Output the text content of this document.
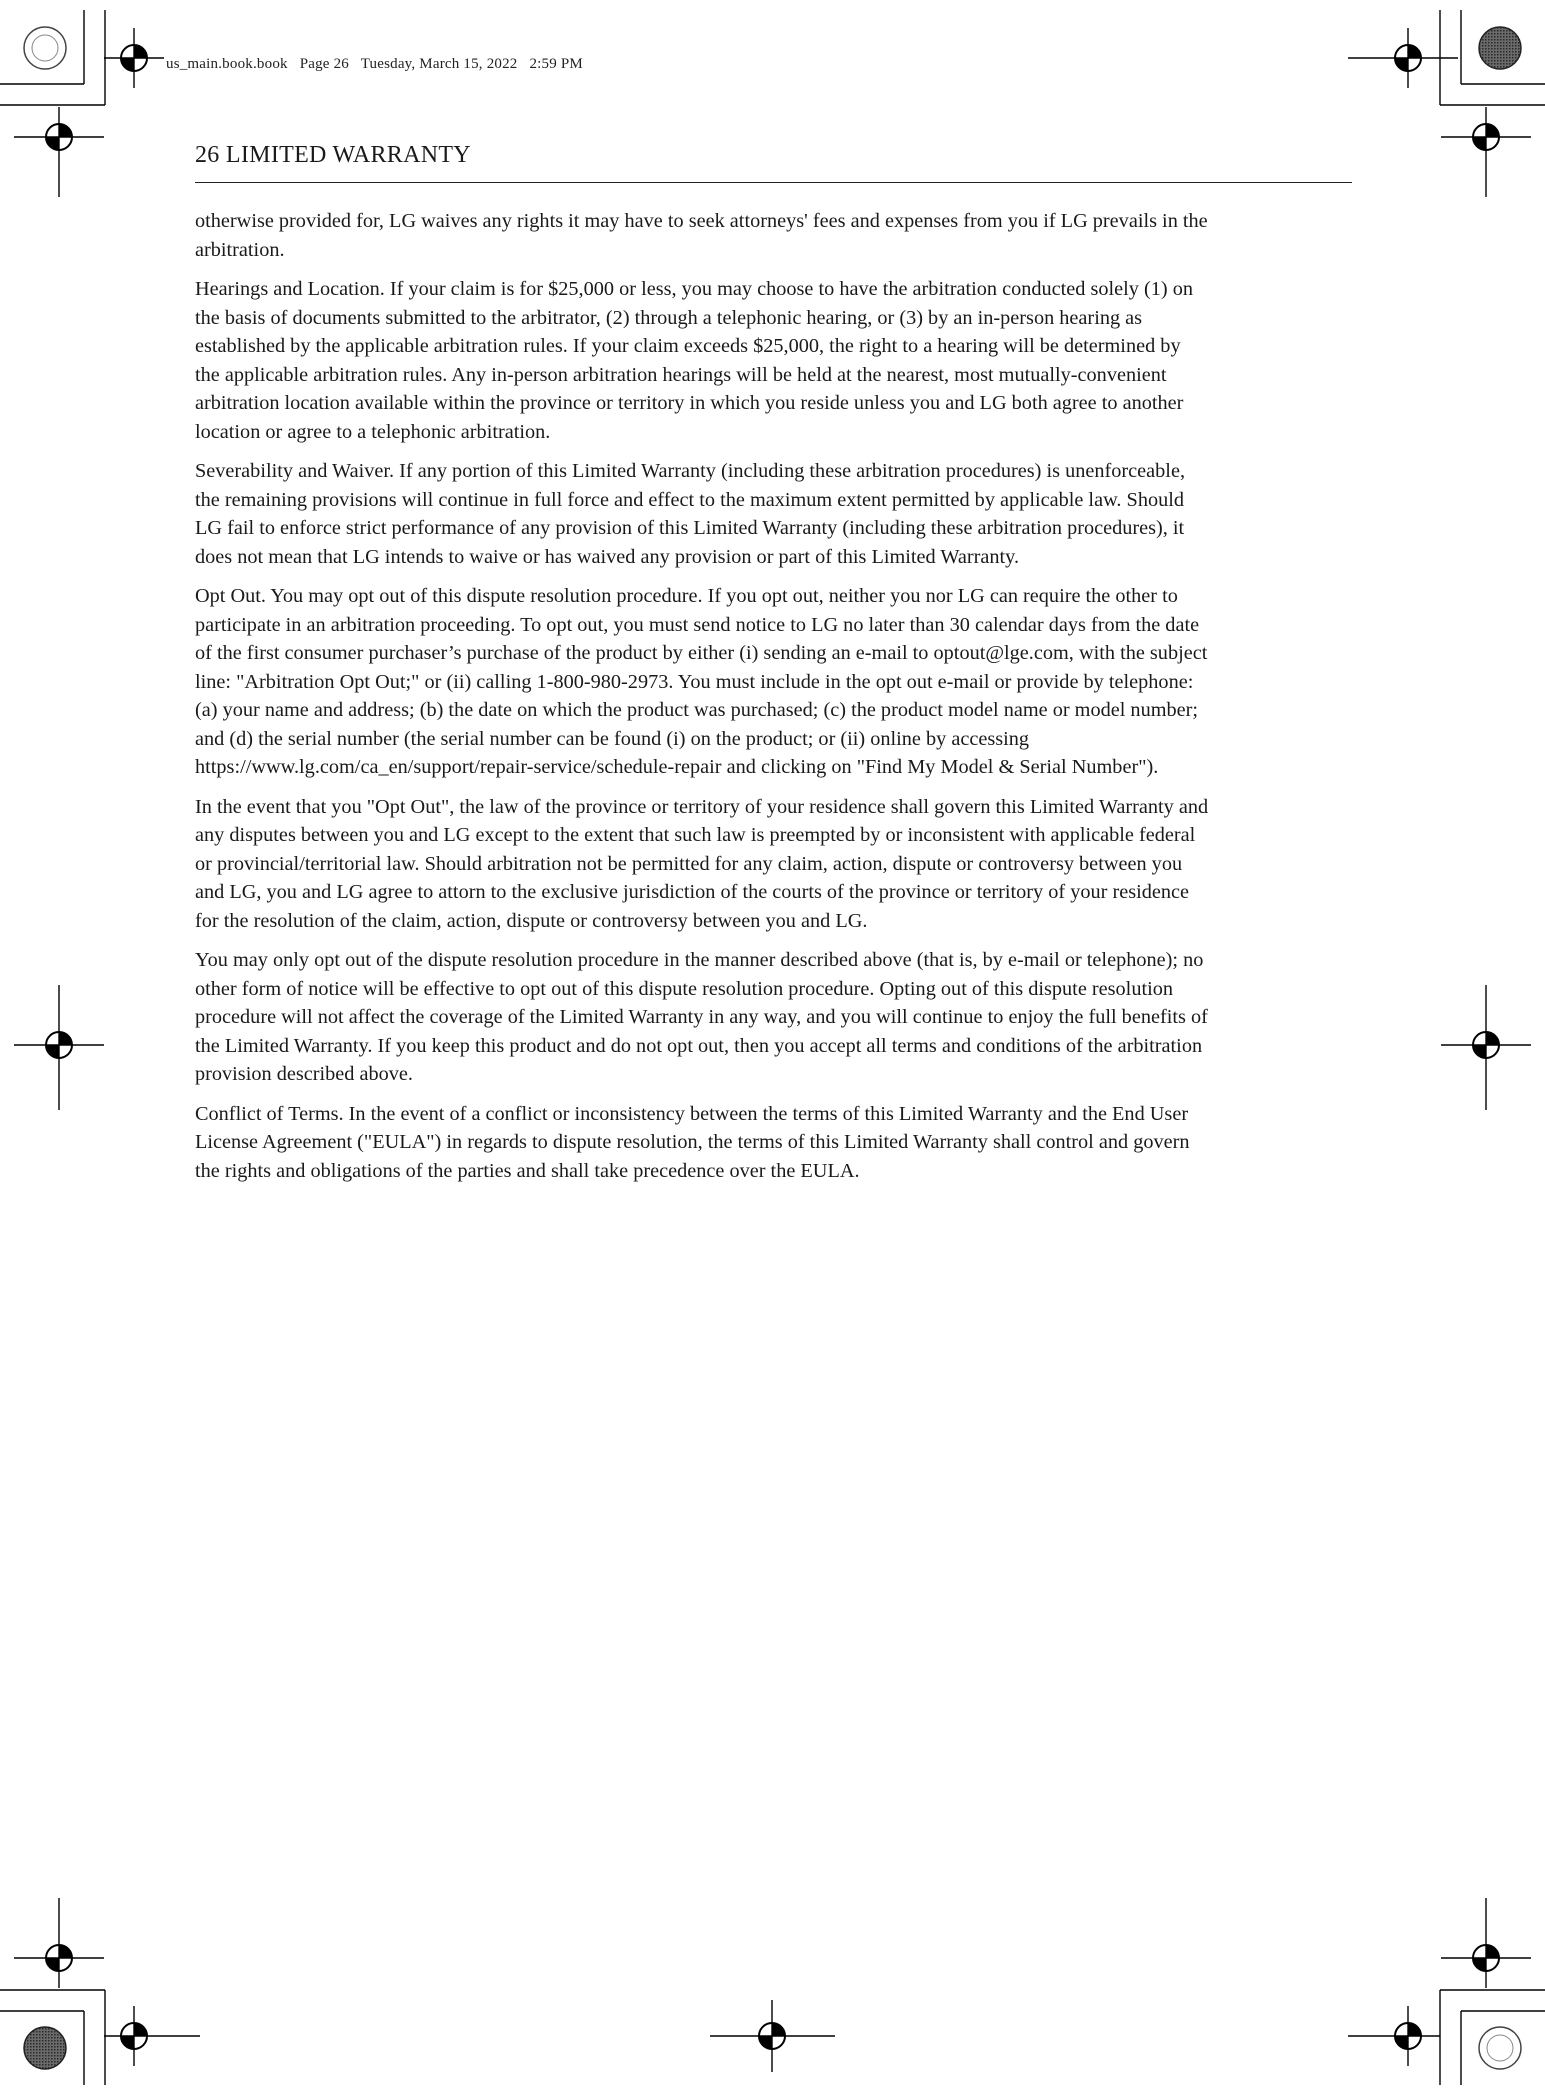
us_main.book.book Page 26 Tuesday, March 15, 2022 2:59 PM
26 LIMITED WARRANTY

otherwise provided for, LG waives any rights it may have to seek attorneys' fees and expenses from you if LG prevails in the arbitration.

Hearings and Location. If your claim is for $25,000 or less, you may choose to have the arbitration conducted solely (1) on the basis of documents submitted to the arbitrator, (2) through a telephonic hearing, or (3) by an in-person hearing as established by the applicable arbitration rules. If your claim exceeds $25,000, the right to a hearing will be determined by the applicable arbitration rules. Any in-person arbitration hearings will be held at the nearest, most mutually-convenient arbitration location available within the province or territory in which you reside unless you and LG both agree to another location or agree to a telephonic arbitration.

Severability and Waiver. If any portion of this Limited Warranty (including these arbitration procedures) is unenforceable, the remaining provisions will continue in full force and effect to the maximum extent permitted by applicable law. Should LG fail to enforce strict performance of any provision of this Limited Warranty (including these arbitration procedures), it does not mean that LG intends to waive or has waived any provision or part of this Limited Warranty.

Opt Out. You may opt out of this dispute resolution procedure. If you opt out, neither you nor LG can require the other to participate in an arbitration proceeding. To opt out, you must send notice to LG no later than 30 calendar days from the date of the first consumer purchaser’s purchase of the product by either (i) sending an e-mail to optout@lge.com, with the subject line: "Arbitration Opt Out;" or (ii) calling 1-800-980-2973. You must include in the opt out e-mail or provide by telephone: (a) your name and address; (b) the date on which the product was purchased; (c) the product model name or model number; and (d) the serial number (the serial number can be found (i) on the product; or (ii) online by accessing https://www.lg.com/ca_en/support/repair-service/schedule-repair and clicking on "Find My Model & Serial Number").

In the event that you "Opt Out", the law of the province or territory of your residence shall govern this Limited Warranty and any disputes between you and LG except to the extent that such law is preempted by or inconsistent with applicable federal or provincial/territorial law. Should arbitration not be permitted for any claim, action, dispute or controversy between you and LG, you and LG agree to attorn to the exclusive jurisdiction of the courts of the province or territory of your residence for the resolution of the claim, action, dispute or controversy between you and LG.

You may only opt out of the dispute resolution procedure in the manner described above (that is, by e-mail or telephone); no other form of notice will be effective to opt out of this dispute resolution procedure. Opting out of this dispute resolution procedure will not affect the coverage of the Limited Warranty in any way, and you will continue to enjoy the full benefits of the Limited Warranty. If you keep this product and do not opt out, then you accept all terms and conditions of the arbitration provision described above.

Conflict of Terms. In the event of a conflict or inconsistency between the terms of this Limited Warranty and the End User License Agreement ("EULA") in regards to dispute resolution, the terms of this Limited Warranty shall control and govern the rights and obligations of the parties and shall take precedence over the EULA.
